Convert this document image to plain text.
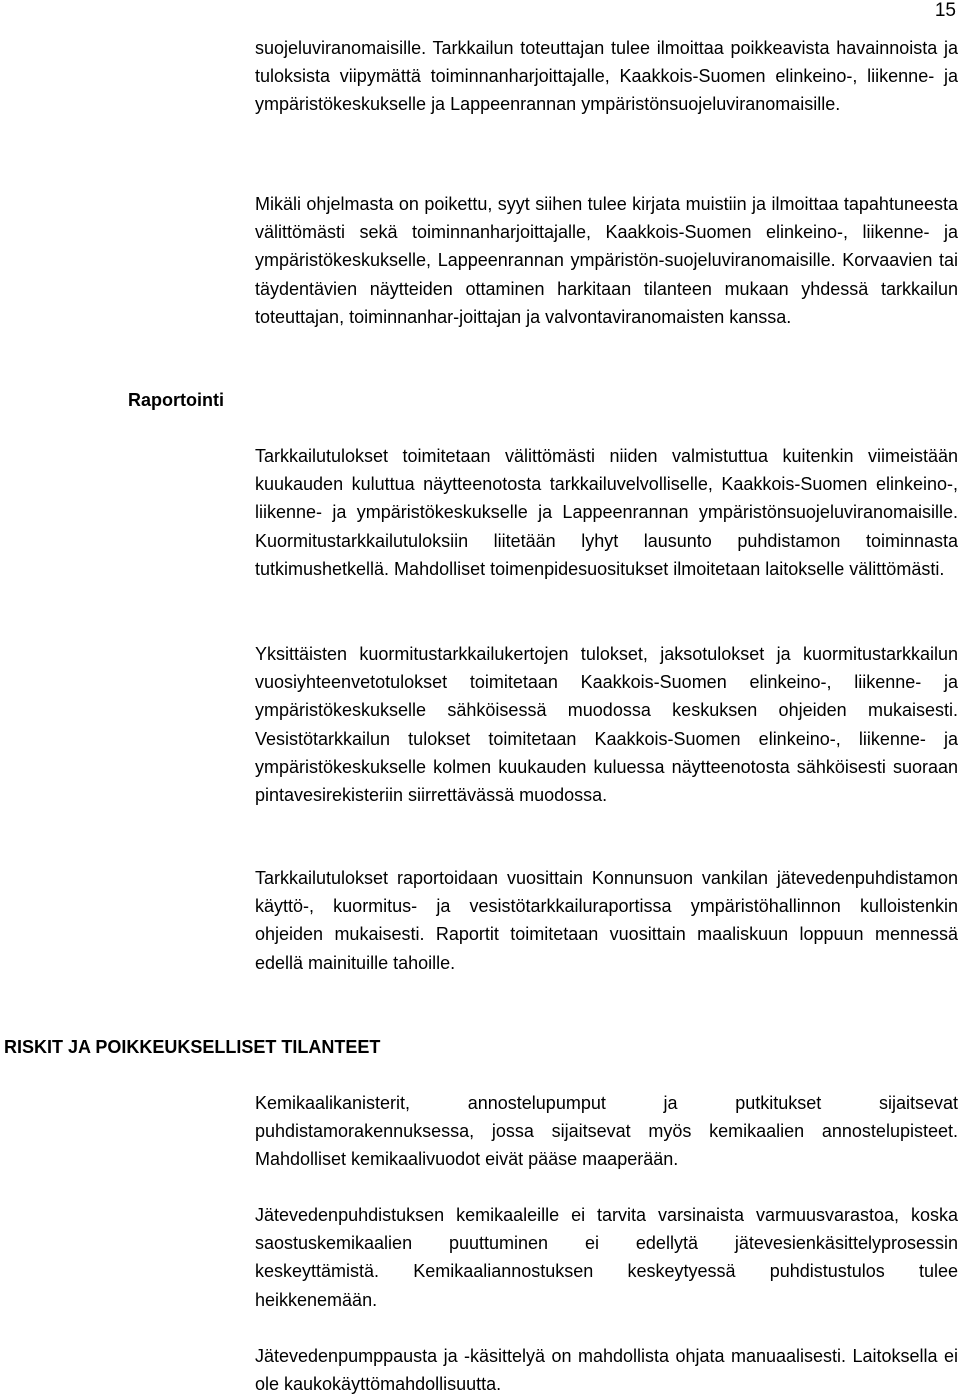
15

suojeluviranomaisille. Tarkkailun toteuttajan tulee ilmoittaa poikkeavista havainnoista ja tuloksista viipymättä toiminnanharjoittajalle, Kaakkois-Suomen elinkeino-, liikenne- ja ympäristökeskukselle ja Lappeenrannan ympäristönsuojeluviranomaisille.

Mikäli ohjelmasta on poikettu, syyt siihen tulee kirjata muistiin ja ilmoittaa tapahtuneesta välittömästi sekä toiminnanharjoittajalle, Kaakkois-Suomen elinkeino-, liikenne- ja ympäristökeskukselle, Lappeenrannan ympäristön-suojeluviranomaisille. Korvaavien tai täydentävien näytteiden ottaminen harkitaan tilanteen mukaan yhdessä tarkkailun toteuttajan, toiminnanhar-joittajan ja valvontaviranomaisten kanssa.

Raportointi

Tarkkailutulokset toimitetaan välittömästi niiden valmistuttua kuitenkin viimeistään kuukauden kuluttua näytteenotosta tarkkailuvelvolliselle, Kaakkois-Suomen elinkeino-, liikenne- ja ympäristökeskukselle ja Lappeenrannan ympäristönsuojeluviranomaisille. Kuormitustarkkailutuloksiin liitetään lyhyt lausunto puhdistamon toiminnasta tutkimushetkellä. Mahdolliset toimenpidesuositukset ilmoitetaan laitokselle välittömästi.

Yksittäisten kuormitustarkkailukertojen tulokset, jaksotulokset ja kuormitustarkkailun vuosiyhteenvetotulokset toimitetaan Kaakkois-Suomen elinkeino-, liikenne- ja ympäristökeskukselle sähköisessä muodossa keskuksen ohjeiden mukaisesti. Vesistötarkkailun tulokset toimitetaan Kaakkois-Suomen elinkeino-, liikenne- ja ympäristökeskukselle kolmen kuukauden kuluessa näytteenotosta sähköisesti suoraan pintavesirekisteriin siirrettävässä muodossa.

Tarkkailutulokset raportoidaan vuosittain Konnunsuon vankilan jätevedenpuhdistamon käyttö-, kuormitus- ja vesistötarkkailuraportissa ympäristöhallinnon kulloistenkin ohjeiden mukaisesti. Raportit toimitetaan vuosittain maaliskuun loppuun mennessä edellä mainituille tahoille.

RISKIT JA POIKKEUKSELLISET TILANTEET

Kemikaalikanisterit, annostelupumput ja putkitukset sijaitsevat puhdistamorakennuksessa, jossa sijaitsevat myös kemikaalien annostelupisteet. Mahdolliset kemikaalivuodot eivät pääse maaperään.

Jätevedenpuhdistuksen kemikaaleille ei tarvita varsinaista varmuusvarastoa, koska saostuskemikaalien puuttuminen ei edellytä jätevesienkäsittelyprosessin keskeyttämistä. Kemikaaliannostuksen keskeytyessä puhdistustulos tulee heikkenemään.

Jätevedenpumppausta ja -käsittelyä on mahdollista ohjata manuaalisesti. Laitoksella ei ole kaukokäyttömahdollisuutta.
